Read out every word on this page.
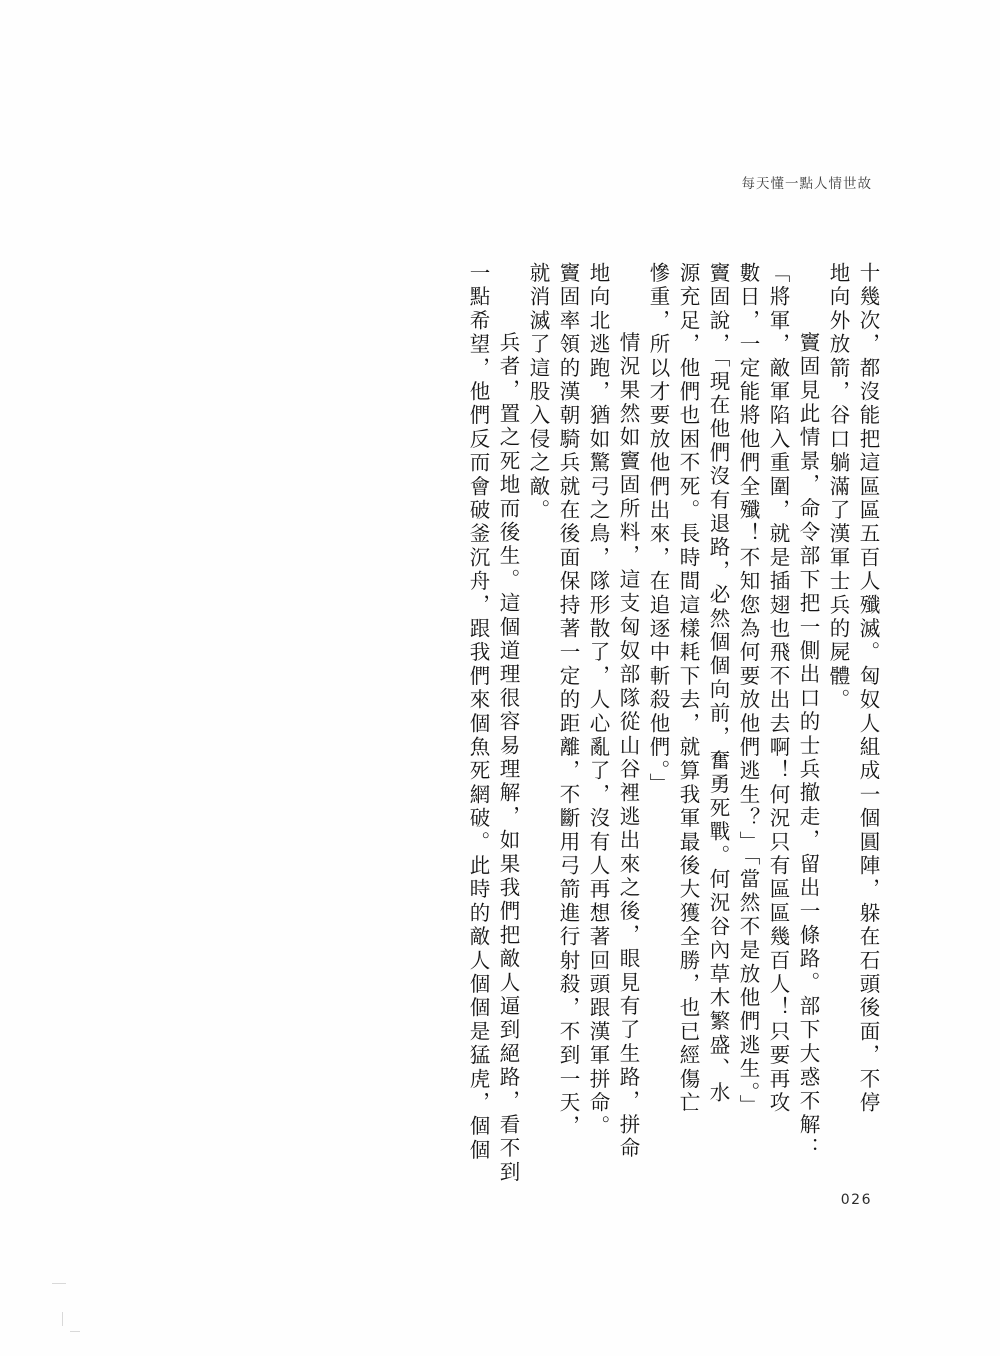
每天懂一點人情世故
十幾次，都沒能把這區區五百人殲滅。匈奴人組成一個圓陣，躲在石頭後面，不停
地向外放箭，谷口躺滿了漢軍士兵的屍體。
　　竇固見此情景，命令部下把一側出口的士兵撤走，留出一條路。部下大惑不解：
「將軍，敵軍陷入重圍，就是插翅也飛不出去啊！何況只有區區幾百人！只要再攻
數日，一定能將他們全殲！不知您為何要放他們逃生？」「當然不是放他們逃生。」
竇固說，「現在他們沒有退路，必然個個向前，奮勇死戰。何況谷內草木繁盛、水
源充足，他們也困不死。長時間這樣耗下去，就算我軍最後大獲全勝，也已經傷亡
慘重，所以才要放他們出來，在追逐中斬殺他們。」
　　情況果然如竇固所料，這支匈奴部隊從山谷裡逃出來之後，眼見有了生路，拼命
地向北逃跑，猶如驚弓之鳥，隊形散了，人心亂了，沒有人再想著回頭跟漢軍拼命。
竇固率領的漢朝騎兵就在後面保持著一定的距離，不斷用弓箭進行射殺，不到一天，
就消滅了這股入侵之敵。
　　兵者，置之死地而後生。這個道理很容易理解，如果我們把敵人逼到絕路，看不到
一點希望，他們反而會破釜沉舟，跟我們來個魚死網破。此時的敵人個個是猛虎，個個
026
